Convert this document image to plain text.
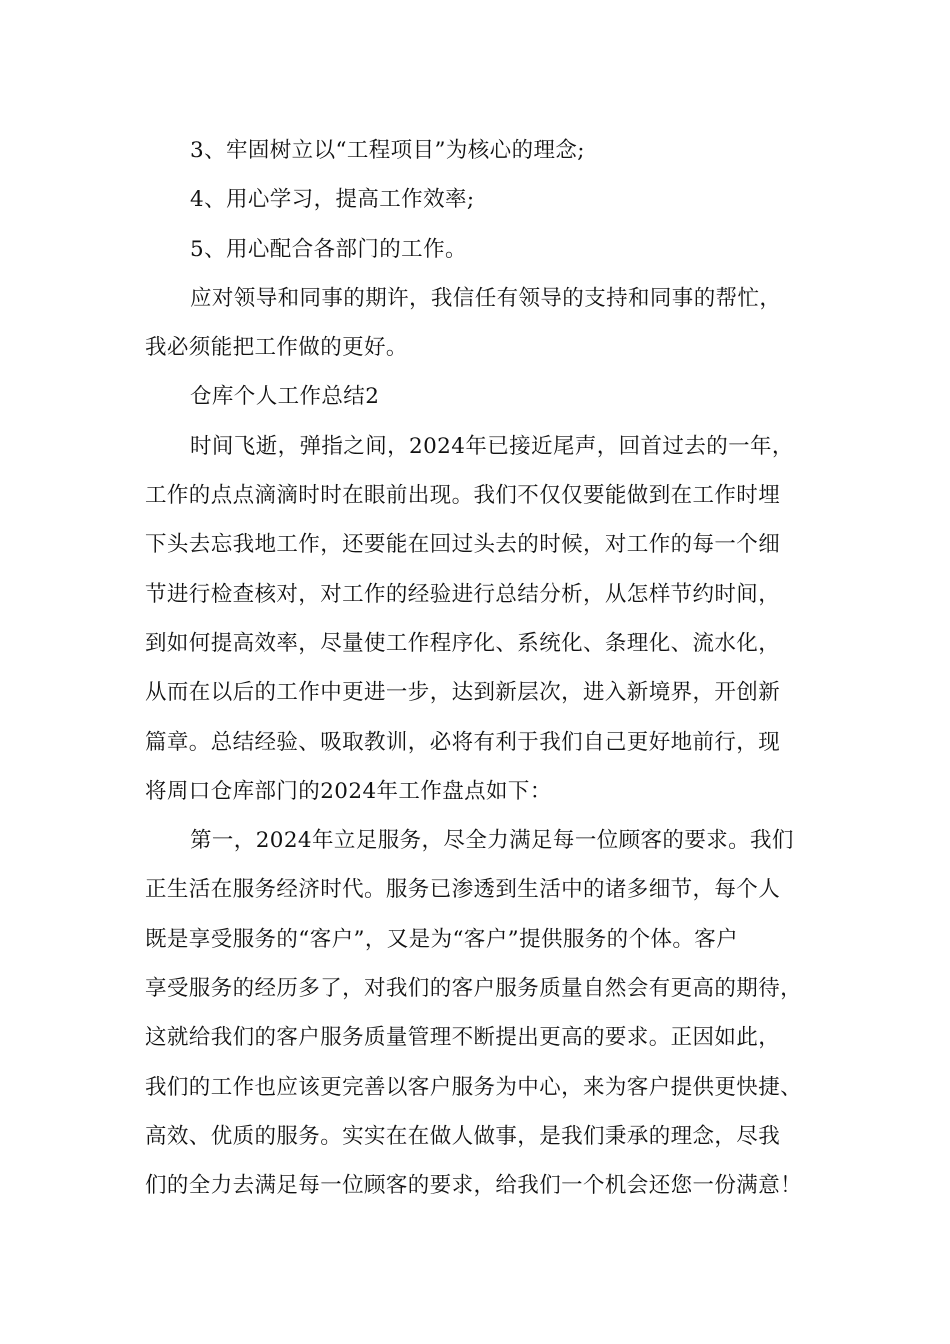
3、牢固树立以“工程项目”为核心的理念;
4、用心学习，提高工作效率;
5、用心配合各部门的工作。
应对领导和同事的期许，我信任有领导的支持和同事的帮忙，
我必须能把工作做的更好。
仓库个人工作总结2
时间飞逝，弹指之间，2024年已接近尾声，回首过去的一年，
工作的点点滴滴时时在眼前出现。我们不仅仅要能做到在工作时埋
下头去忘我地工作，还要能在回过头去的时候，对工作的每一个细
节进行检查核对，对工作的经验进行总结分析，从怎样节约时间，
到如何提高效率，尽量使工作程序化、系统化、条理化、流水化，
从而在以后的工作中更进一步，达到新层次，进入新境界，开创新
篇章。总结经验、吸取教训，必将有利于我们自己更好地前行，现
将周口仓库部门的2024年工作盘点如下：
第一，2024年立足服务，尽全力满足每一位顾客的要求。我们
正生活在服务经济时代。服务已渗透到生活中的诸多细节，每个人
既是享受服务的“客户”，又是为“客户”提供服务的个体。客户
享受服务的经历多了，对我们的客户服务质量自然会有更高的期待，
这就给我们的客户服务质量管理不断提出更高的要求。正因如此，
我们的工作也应该更完善以客户服务为中心，来为客户提供更快捷、
高效、优质的服务。实实在在做人做事，是我们秉承的理念，尽我
们的全力去满足每一位顾客的要求，给我们一个机会还您一份满意！
